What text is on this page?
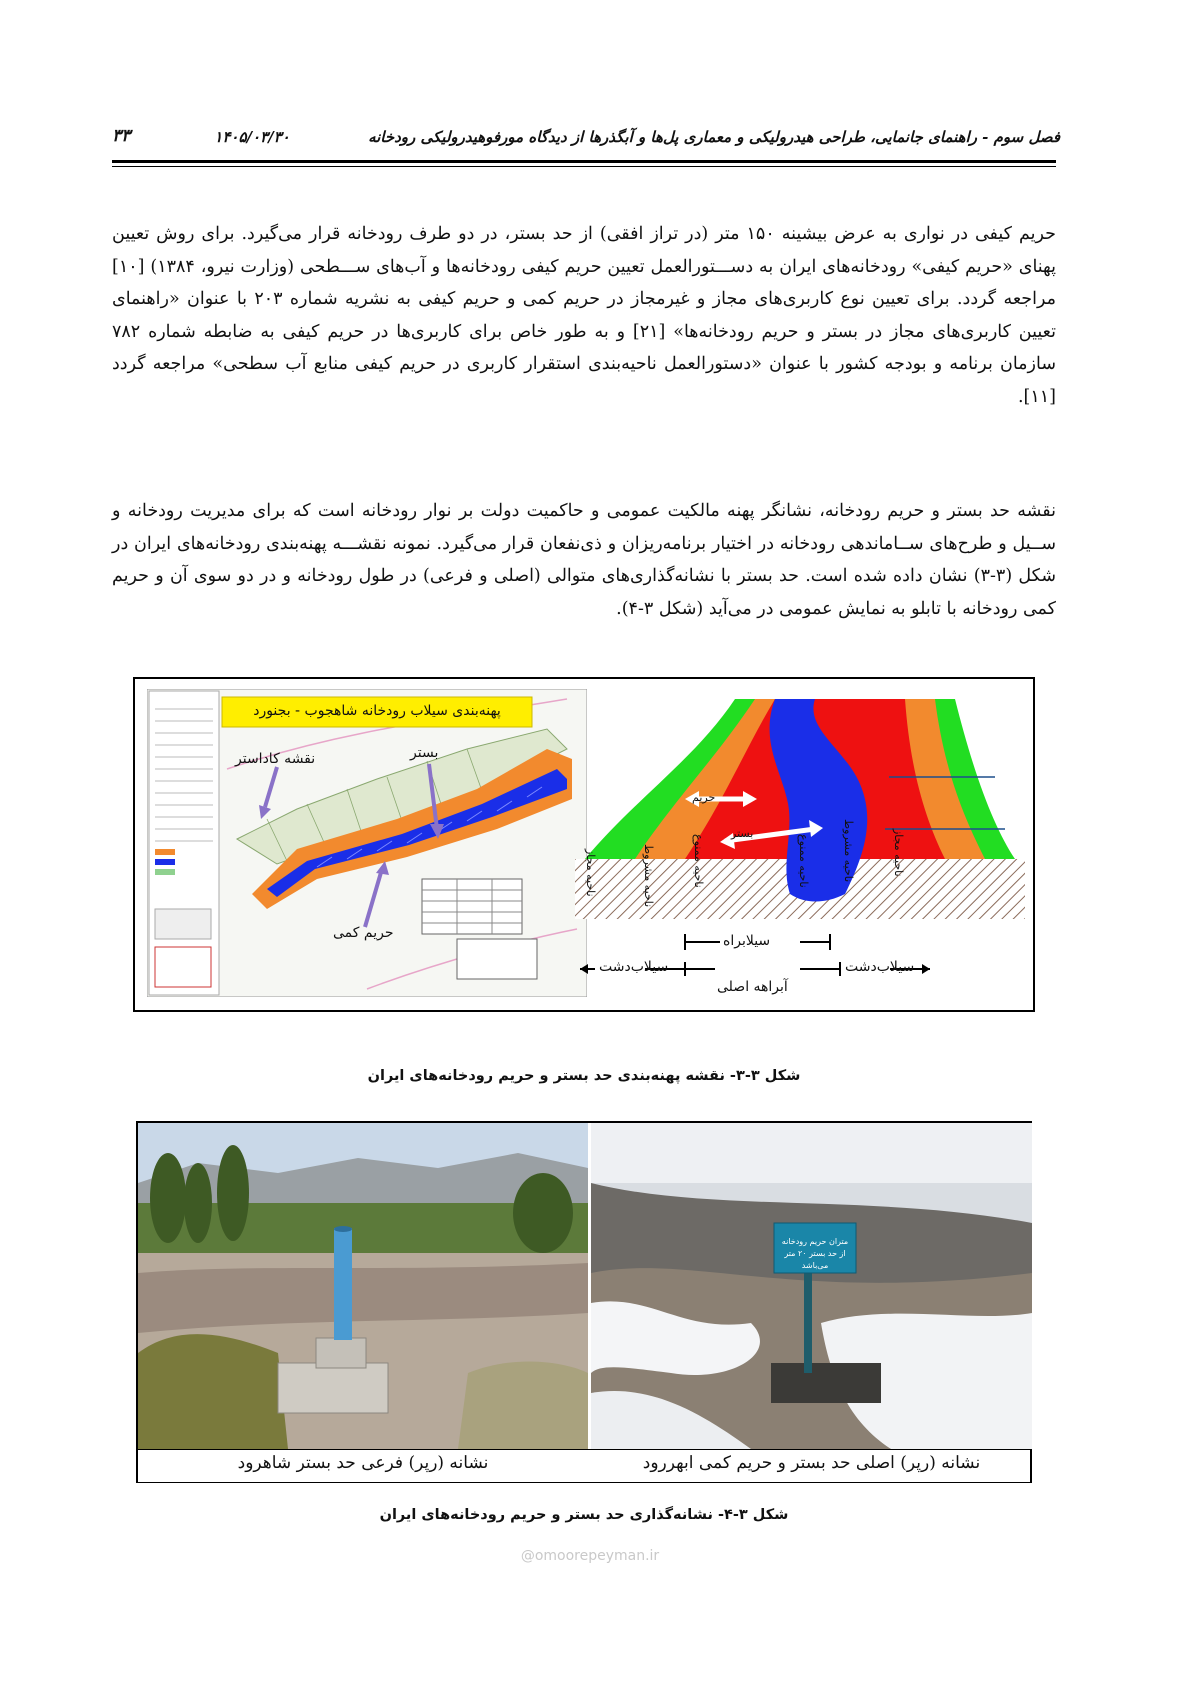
فصل سوم - راهنمای جانمایی، طراحی هیدرولیکی و معماری پل‌ها و آبگذرها از دیدگاه مورفوهیدرولیکی رودخانه
۱۴۰۵/۰۳/۳۰
۳۳
حریم کیفی در نواری به عرض بیشینه ۱۵۰ متر (در تراز افقی) از حد بستر، در دو طرف رودخانه قرار می‌گیرد. برای روش تعیین پهنای «حریم کیفی» رودخانه‌های ایران به دســـتورالعمل تعیین حریم کیفی رودخانه‌ها و آب‌های ســـطحی (وزارت نیرو، ۱۳۸۴) [۱۰] مراجعه گردد. برای تعیین نوع کاربری‌های مجاز و غیرمجاز در حریم کمی و حریم کیفی به نشریه شماره ۲۰۳ با عنوان «راهنمای تعیین کاربری‌های مجاز در بستر و حریم رودخانه‌ها» [۲۱] و به طور خاص برای کاربری‌ها در حریم کیفی به ضابطه شماره ۷۸۲ سازمان برنامه و بودجه کشور با عنوان «دستورالعمل ناحیه‌بندی استقرار کاربری در حریم کیفی منابع آب سطحی» مراجعه گردد [۱۱].
نقشه حد بستر و حریم رودخانه، نشانگر پهنه مالکیت عمومی و حاکمیت دولت بر نوار رودخانه است که برای مدیریت رودخانه و ســیل و طرح‌های ســاماندهی رودخانه در اختیار برنامه‌ریزان و ذی‌نفعان قرار می‌گیرد. نمونه نقشـــه پهنه‌بندی رودخانه‌های ایران در شکل (۳-۳) نشان داده شده است. حد بستر با نشانه‌گذاری‌های متوالی (اصلی و فرعی) در طول رودخانه و در دو سوی آن و حریم کمی رودخانه با تابلو به نمایش عمومی در می‌آید (شکل ۳-۴).
پهنه‌بندی سیلاب رودخانه شاهجوب - بجنورد
نقشه کاداستر	بستر
حریم کمی
حریم
بستر
ناحیه مجاز	ناحیه مشروط	ناحیه ممنوع	ناحیه ممنوع	ناحیه مشروط	ناحیه مجاز
سیلابراه
سیلاب‌دشت	سیلاب‌دشت
آبراهه اصلی
شکل ۳-۳- نقشه پهنه‌بندی حد بستر و حریم رودخانه‌های ایران
متران حریم رودخانه از حد بستر ۲۰ متر می‌باشد
نشانه (رپر) فرعی حد بستر شاهرود	نشانه (رپر) اصلی حد بستر و حریم کمی ابهررود
شکل ۳-۴- نشانه‌گذاری حد بستر و حریم رودخانه‌های ایران
@omoorepeyman.ir
